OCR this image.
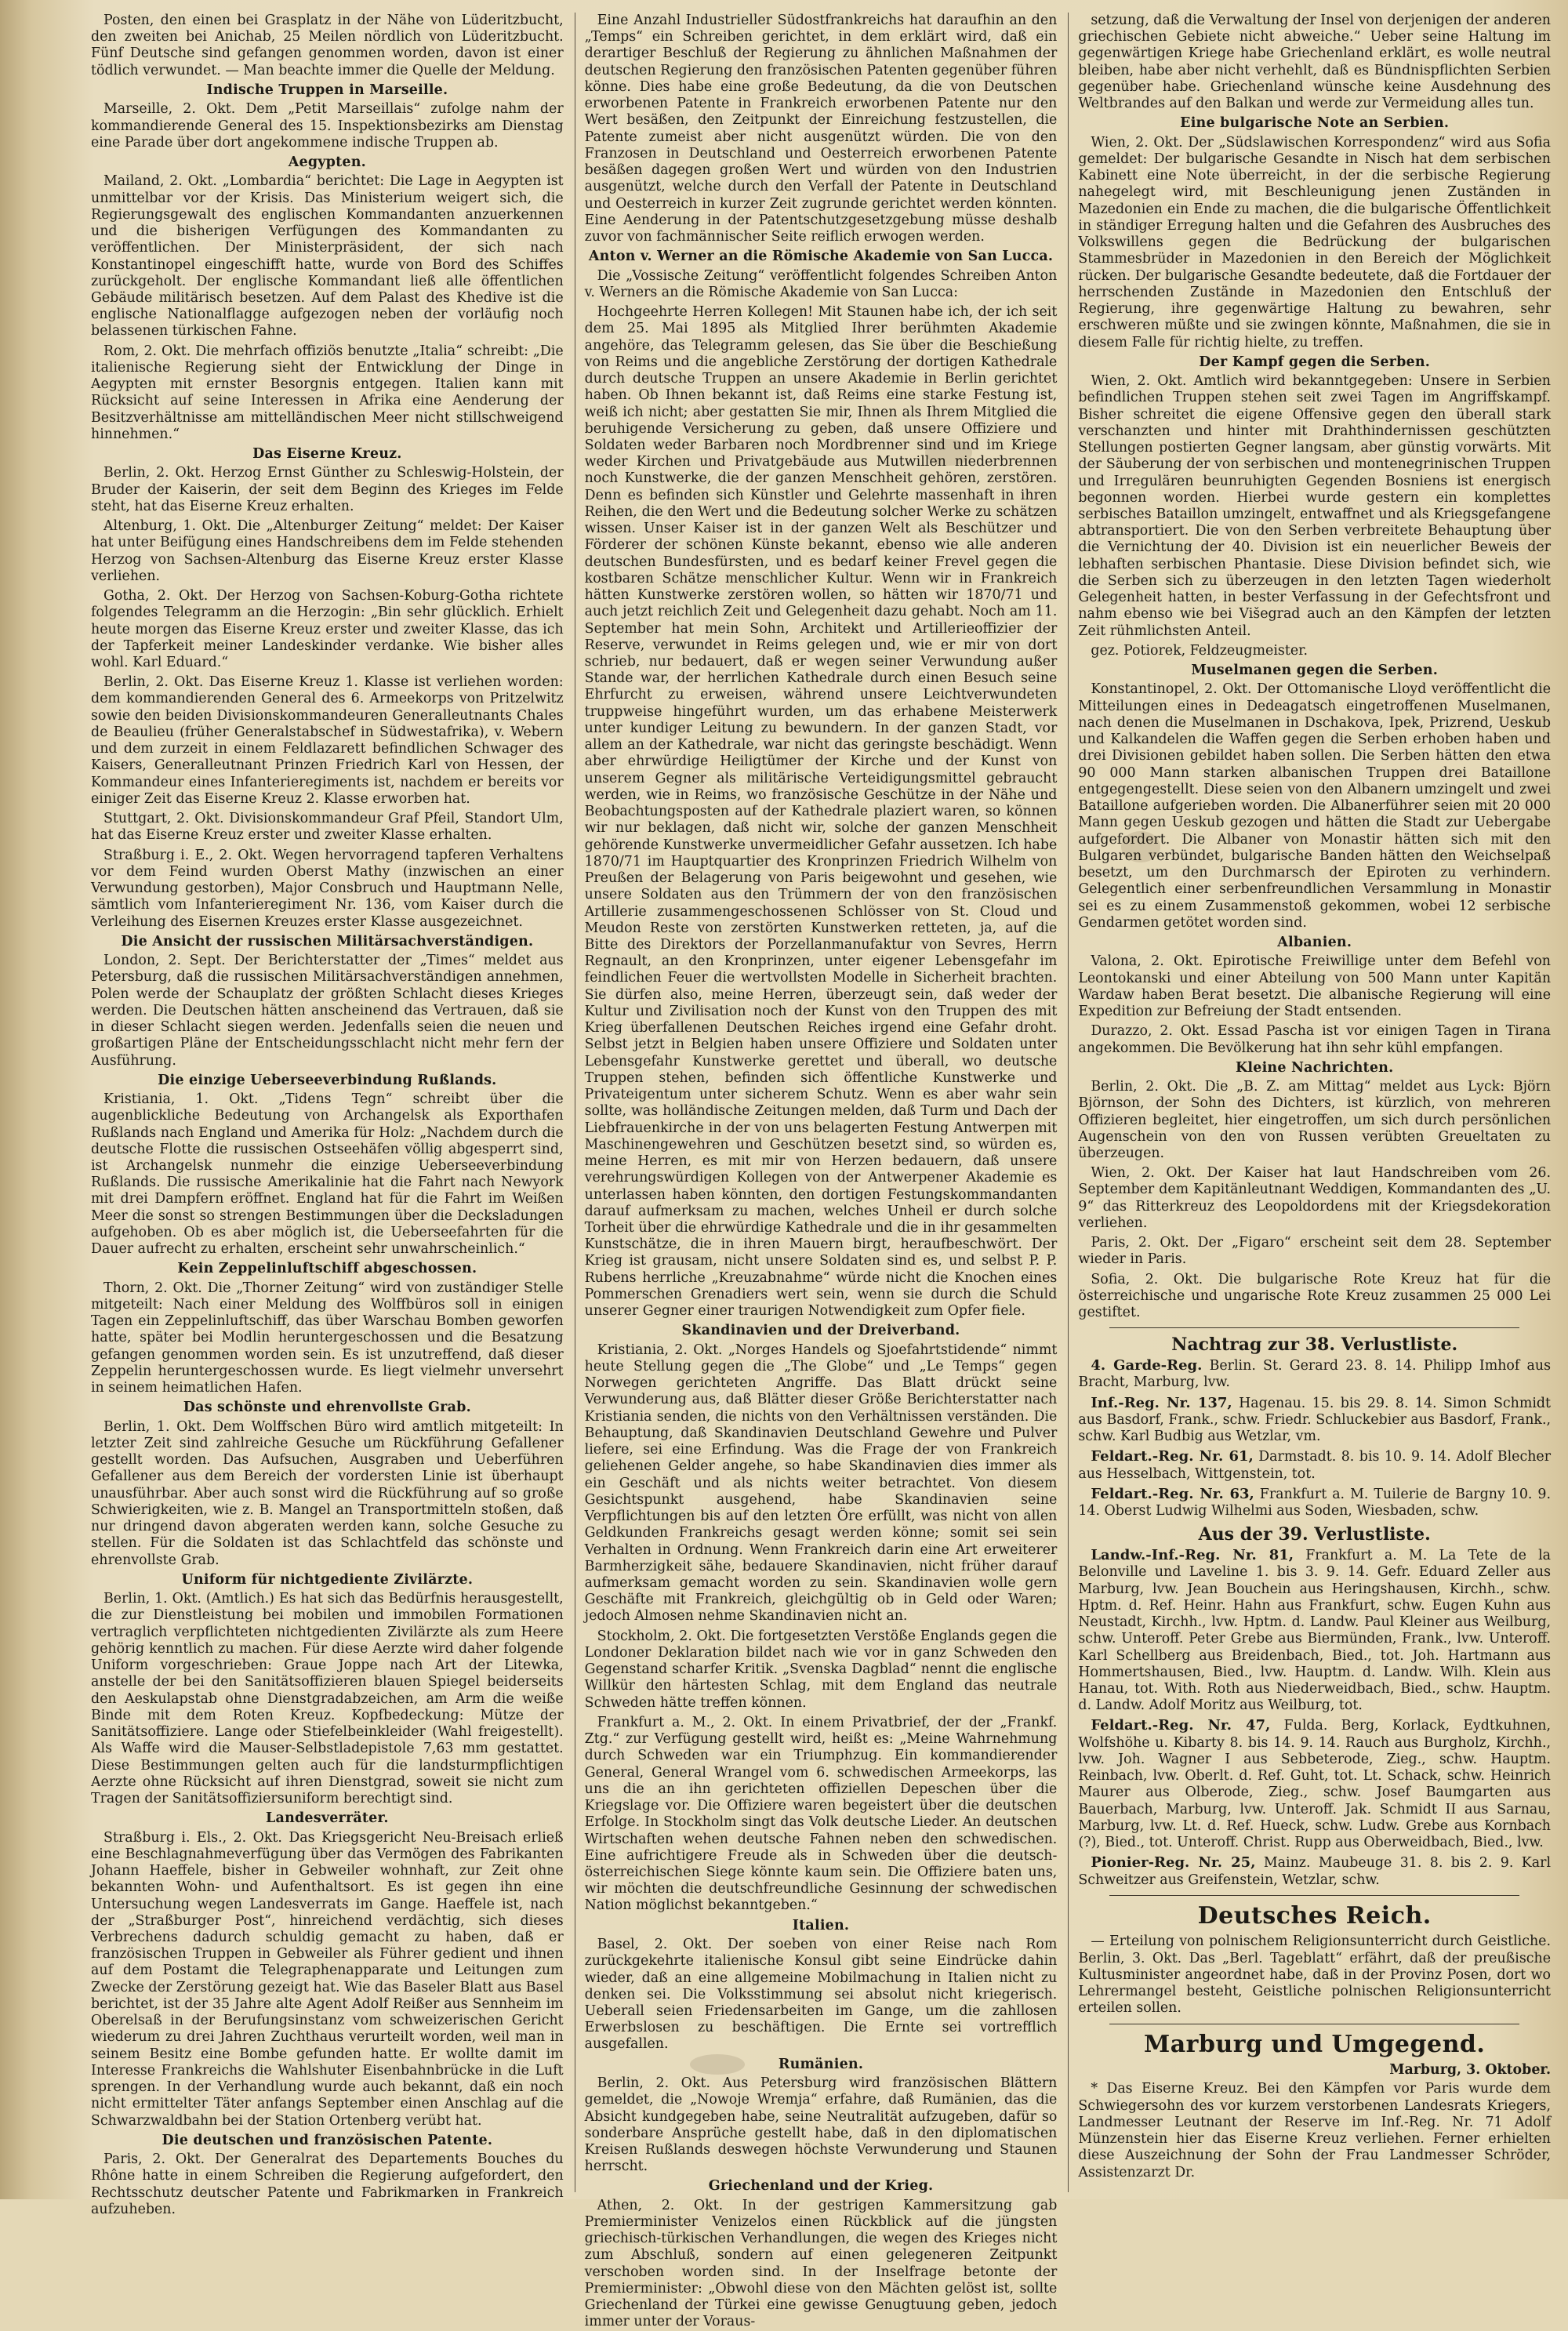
Posten, den einen bei Grasplatz in der Nähe von Lüderitzbucht, den zweiten bei Anichab, 25 Meilen nördlich von Lüderitzbucht. Fünf Deutsche sind gefangen genommen worden, davon ist einer tödlich verwundet. — Man beachte immer die Quelle der Meldung.

Indische Truppen in Marseille.

Marseille, 2. Okt. Dem „Petit Marseillais“ zufolge nahm der kommandierende General des 15. Inspektionsbezirks am Dienstag eine Parade über dort angekommene indische Truppen ab.

Aegypten.

Mailand, 2. Okt. „Lombardia“ berichtet: Die Lage in Aegypten ist unmittelbar vor der Krisis. Das Ministerium weigert sich, die Regierungsgewalt des englischen Kommandanten anzuerkennen und die bisherigen Verfügungen des Kommandanten zu veröffentlichen. Der Ministerpräsident, der sich nach Konstantinopel eingeschifft hatte, wurde von Bord des Schiffes zurückgeholt. Der englische Kommandant ließ alle öffentlichen Gebäude militärisch besetzen. Auf dem Palast des Khedive ist die englische Nationalflagge aufgezogen neben der vorläufig noch belassenen türkischen Fahne.

Rom, 2. Okt. Die mehrfach offiziös benutzte „Italia“ schreibt: „Die italienische Regierung sieht der Entwicklung der Dinge in Aegypten mit ernster Besorgnis entgegen. Italien kann mit Rücksicht auf seine Interessen in Afrika eine Aenderung der Besitzverhältnisse am mittelländischen Meer nicht stillschweigend hinnehmen.“

Das Eiserne Kreuz.

Berlin, 2. Okt. Herzog Ernst Günther zu Schleswig-Holstein, der Bruder der Kaiserin, der seit dem Beginn des Krieges im Felde steht, hat das Eiserne Kreuz erhalten.

Altenburg, 1. Okt. Die „Altenburger Zeitung“ meldet: Der Kaiser hat unter Beifügung eines Handschreibens dem im Felde stehenden Herzog von Sachsen-Altenburg das Eiserne Kreuz erster Klasse verliehen.

Gotha, 2. Okt. Der Herzog von Sachsen-Koburg-Gotha richtete folgendes Telegramm an die Herzogin: „Bin sehr glücklich. Erhielt heute morgen das Eiserne Kreuz erster und zweiter Klasse, das ich der Tapferkeit meiner Landeskinder verdanke. Wie bisher alles wohl. Karl Eduard.“

Berlin, 2. Okt. Das Eiserne Kreuz 1. Klasse ist verliehen worden: dem kommandierenden General des 6. Armeekorps von Pritzelwitz sowie den beiden Divisionskommandeuren Generalleutnants Chales de Beaulieu (früher Generalstabschef in Südwestafrika), v. Webern und dem zurzeit in einem Feldlazarett befindlichen Schwager des Kaisers, Generalleutnant Prinzen Friedrich Karl von Hessen, der Kommandeur eines Infanterieregiments ist, nachdem er bereits vor einiger Zeit das Eiserne Kreuz 2. Klasse erworben hat.

Stuttgart, 2. Okt. Divisionskommandeur Graf Pfeil, Standort Ulm, hat das Eiserne Kreuz erster und zweiter Klasse erhalten.

Straßburg i. E., 2. Okt. Wegen hervorragend tapferen Verhaltens vor dem Feind wurden Oberst Mathy (inzwischen an einer Verwundung gestorben), Major Consbruch und Hauptmann Nelle, sämtlich vom Infanterieregiment Nr. 136, vom Kaiser durch die Verleihung des Eisernen Kreuzes erster Klasse ausgezeichnet.

Die Ansicht der russischen Militärsachverständigen.

London, 2. Sept. Der Berichterstatter der „Times“ meldet aus Petersburg, daß die russischen Militärsachverständigen annehmen, Polen werde der Schauplatz der größten Schlacht dieses Krieges werden. Die Deutschen hätten anscheinend das Vertrauen, daß sie in dieser Schlacht siegen werden. Jedenfalls seien die neuen und großartigen Pläne der Entscheidungsschlacht nicht mehr fern der Ausführung.

Die einzige Ueberseeverbindung Rußlands.

Kristiania, 1. Okt. „Tidens Tegn“ schreibt über die augenblickliche Bedeutung von Archangelsk als Exporthafen Rußlands nach England und Amerika für Holz: „Nachdem durch die deutsche Flotte die russischen Ostseehäfen völlig abgesperrt sind, ist Archangelsk nunmehr die einzige Ueberseeverbindung Rußlands. Die russische Amerikalinie hat die Fahrt nach Newyork mit drei Dampfern eröffnet. England hat für die Fahrt im Weißen Meer die sonst so strengen Bestimmungen über die Decksladungen aufgehoben. Ob es aber möglich ist, die Ueberseefahrten für die Dauer aufrecht zu erhalten, erscheint sehr unwahrscheinlich.“

Kein Zeppelinluftschiff abgeschossen.

Thorn, 2. Okt. Die „Thorner Zeitung“ wird von zuständiger Stelle mitgeteilt: Nach einer Meldung des Wolffbüros soll in einigen Tagen ein Zeppelinluftschiff, das über Warschau Bomben geworfen hatte, später bei Modlin heruntergeschossen und die Besatzung gefangen genommen worden sein. Es ist unzutreffend, daß dieser Zeppelin heruntergeschossen wurde. Es liegt vielmehr unversehrt in seinem heimatlichen Hafen.

Das schönste und ehrenvollste Grab.

Berlin, 1. Okt. Dem Wolffschen Büro wird amtlich mitgeteilt: In letzter Zeit sind zahlreiche Gesuche um Rückführung Gefallener gestellt worden. Das Aufsuchen, Ausgraben und Ueberführen Gefallener aus dem Bereich der vordersten Linie ist überhaupt unausführbar. Aber auch sonst wird die Rückführung auf so große Schwierigkeiten, wie z. B. Mangel an Transportmitteln stoßen, daß nur dringend davon abgeraten werden kann, solche Gesuche zu stellen. Für die Soldaten ist das Schlachtfeld das schönste und ehrenvollste Grab.

Uniform für nichtgediente Zivilärzte.

Berlin, 1. Okt. (Amtlich.) Es hat sich das Bedürfnis herausgestellt, die zur Dienstleistung bei mobilen und immobilen Formationen vertraglich verpflichteten nichtgedienten Zivilärzte als zum Heere gehörig kenntlich zu machen. Für diese Aerzte wird daher folgende Uniform vorgeschrieben: Graue Joppe nach Art der Litewka, anstelle der bei den Sanitätsoffizieren blauen Spiegel beiderseits den Aeskulapstab ohne Dienstgradabzeichen, am Arm die weiße Binde mit dem Roten Kreuz. Kopfbedeckung: Mütze der Sanitätsoffiziere. Lange oder Stiefelbeinkleider (Wahl freigestellt). Als Waffe wird die Mauser-Selbstladepistole 7,63 mm gestattet. Diese Bestimmungen gelten auch für die landsturmpflichtigen Aerzte ohne Rücksicht auf ihren Dienstgrad, soweit sie nicht zum Tragen der Sanitätsoffiziersuniform berechtigt sind.

Landesverräter.

Straßburg i. Els., 2. Okt. Das Kriegsgericht Neu-Breisach erließ eine Beschlagnahmeverfügung über das Vermögen des Fabrikanten Johann Haeffele, bisher in Gebweiler wohnhaft, zur Zeit ohne bekannten Wohn- und Aufenthaltsort. Es ist gegen ihn eine Untersuchung wegen Landesverrats im Gange. Haeffele ist, nach der „Straßburger Post“, hinreichend verdächtig, sich dieses Verbrechens dadurch schuldig gemacht zu haben, daß er französischen Truppen in Gebweiler als Führer gedient und ihnen auf dem Postamt die Telegraphenapparate und Leitungen zum Zwecke der Zerstörung gezeigt hat. Wie das Baseler Blatt aus Basel berichtet, ist der 35 Jahre alte Agent Adolf Reißer aus Sennheim im Oberelsaß in der Berufungsinstanz vom schweizerischen Gericht wiederum zu drei Jahren Zuchthaus verurteilt worden, weil man in seinem Besitz eine Bombe gefunden hatte. Er wollte damit im Interesse Frankreichs die Wahlshuter Eisenbahnbrücke in die Luft sprengen. In der Verhandlung wurde auch bekannt, daß ein noch nicht ermittelter Täter anfangs September einen Anschlag auf die Schwarzwaldbahn bei der Station Ortenberg verübt hat.

Die deutschen und französischen Patente.

Paris, 2. Okt. Der Generalrat des Departements Bouches du Rhône hatte in einem Schreiben die Regierung aufgefordert, den Rechtsschutz deutscher Patente und Fabrikmarken in Frankreich aufzuheben.

Eine Anzahl Industrieller Südostfrankreichs hat daraufhin an den „Temps“ ein Schreiben gerichtet, in dem erklärt wird, daß ein derartiger Beschluß der Regierung zu ähnlichen Maßnahmen der deutschen Regierung den französischen Patenten gegenüber führen könne. Dies habe eine große Bedeutung, da die von Deutschen erworbenen Patente in Frankreich erworbenen Patente nur den Wert besäßen, den Zeitpunkt der Einreichung festzustellen, die Patente zumeist aber nicht ausgenützt würden. Die von den Franzosen in Deutschland und Oesterreich erworbenen Patente besäßen dagegen großen Wert und würden von den Industrien ausgenützt, welche durch den Verfall der Patente in Deutschland und Oesterreich in kurzer Zeit zugrunde gerichtet werden könnten. Eine Aenderung in der Patentschutzgesetzgebung müsse deshalb zuvor von fachmännischer Seite reiflich erwogen werden.

Anton v. Werner an die Römische Akademie von San Lucca.

Die „Vossische Zeitung“ veröffentlicht folgendes Schreiben Anton v. Werners an die Römische Akademie von San Lucca:

Hochgeehrte Herren Kollegen! Mit Staunen habe ich, der ich seit dem 25. Mai 1895 als Mitglied Ihrer berühmten Akademie angehöre, das Telegramm gelesen, das Sie über die Beschießung von Reims und die angebliche Zerstörung der dortigen Kathedrale durch deutsche Truppen an unsere Akademie in Berlin gerichtet haben. Ob Ihnen bekannt ist, daß Reims eine starke Festung ist, weiß ich nicht; aber gestatten Sie mir, Ihnen als Ihrem Mitglied die beruhigende Versicherung zu geben, daß unsere Offiziere und Soldaten weder Barbaren noch Mordbrenner sind und im Kriege weder Kirchen und Privatgebäude aus Mutwillen niederbrennen noch Kunstwerke, die der ganzen Menschheit gehören, zerstören. Denn es befinden sich Künstler und Gelehrte massenhaft in ihren Reihen, die den Wert und die Bedeutung solcher Werke zu schätzen wissen. Unser Kaiser ist in der ganzen Welt als Beschützer und Förderer der schönen Künste bekannt, ebenso wie alle anderen deutschen Bundesfürsten, und es bedarf keiner Frevel gegen die kostbaren Schätze menschlicher Kultur. Wenn wir in Frankreich hätten Kunstwerke zerstören wollen, so hätten wir 1870/71 und auch jetzt reichlich Zeit und Gelegenheit dazu gehabt. Noch am 11. September hat mein Sohn, Architekt und Artillerieoffizier der Reserve, verwundet in Reims gelegen und, wie er mir von dort schrieb, nur bedauert, daß er wegen seiner Verwundung außer Stande war, der herrlichen Kathedrale durch einen Besuch seine Ehrfurcht zu erweisen, während unsere Leichtverwundeten truppweise hingeführt wurden, um das erhabene Meisterwerk unter kundiger Leitung zu bewundern. In der ganzen Stadt, vor allem an der Kathedrale, war nicht das geringste beschädigt. Wenn aber ehrwürdige Heiligtümer der Kirche und der Kunst von unserem Gegner als militärische Verteidigungsmittel gebraucht werden, wie in Reims, wo französische Geschütze in der Nähe und Beobachtungsposten auf der Kathedrale plaziert waren, so können wir nur beklagen, daß nicht wir, solche der ganzen Menschheit gehörende Kunstwerke unvermeidlicher Gefahr aussetzen. Ich habe 1870/71 im Hauptquartier des Kronprinzen Friedrich Wilhelm von Preußen der Belagerung von Paris beigewohnt und gesehen, wie unsere Soldaten aus den Trümmern der von den französischen Artillerie zusammengeschossenen Schlösser von St. Cloud und Meudon Reste von zerstörten Kunstwerken retteten, ja, auf die Bitte des Direktors der Porzellanmanufaktur von Sevres, Herrn Regnault, an den Kronprinzen, unter eigener Lebensgefahr im feindlichen Feuer die wertvollsten Modelle in Sicherheit brachten. Sie dürfen also, meine Herren, überzeugt sein, daß weder der Kultur und Zivilisation noch der Kunst von den Truppen des mit Krieg überfallenen Deutschen Reiches irgend eine Gefahr droht. Selbst jetzt in Belgien haben unsere Offiziere und Soldaten unter Lebensgefahr Kunstwerke gerettet und überall, wo deutsche Truppen stehen, befinden sich öffentliche Kunstwerke und Privateigentum unter sicherem Schutz. Wenn es aber wahr sein sollte, was holländische Zeitungen melden, daß Turm und Dach der Liebfrauenkirche in der von uns belagerten Festung Antwerpen mit Maschinengewehren und Geschützen besetzt sind, so würden es, meine Herren, es mit mir von Herzen bedauern, daß unsere verehrungswürdigen Kollegen von der Antwerpener Akademie es unterlassen haben könnten, den dortigen Festungskommandanten darauf aufmerksam zu machen, welches Unheil er durch solche Torheit über die ehrwürdige Kathedrale und die in ihr gesammelten Kunstschätze, die in ihren Mauern birgt, heraufbeschwört. Der Krieg ist grausam, nicht unsere Soldaten sind es, und selbst P. P. Rubens herrliche „Kreuzabnahme“ würde nicht die Knochen eines Pommerschen Grenadiers wert sein, wenn sie durch die Schuld unserer Gegner einer traurigen Notwendigkeit zum Opfer fiele.

Skandinavien und der Dreiverband.

Kristiania, 2. Okt. „Norges Handels og Sjoefahrtstidende“ nimmt heute Stellung gegen die „The Globe“ und „Le Temps“ gegen Norwegen gerichteten Angriffe. Das Blatt drückt seine Verwunderung aus, daß Blätter dieser Größe Berichterstatter nach Kristiania senden, die nichts von den Verhältnissen verständen. Die Behauptung, daß Skandinavien Deutschland Gewehre und Pulver liefere, sei eine Erfindung. Was die Frage der von Frankreich geliehenen Gelder angehe, so habe Skandinavien dies immer als ein Geschäft und als nichts weiter betrachtet. Von diesem Gesichtspunkt ausgehend, habe Skandinavien seine Verpflichtungen bis auf den letzten Öre erfüllt, was nicht von allen Geldkunden Frankreichs gesagt werden könne; somit sei sein Verhalten in Ordnung. Wenn Frankreich darin eine Art erweiterer Barmherzigkeit sähe, bedauere Skandinavien, nicht früher darauf aufmerksam gemacht worden zu sein. Skandinavien wolle gern Geschäfte mit Frankreich, gleichgültig ob in Geld oder Waren; jedoch Almosen nehme Skandinavien nicht an.

Stockholm, 2. Okt. Die fortgesetzten Verstöße Englands gegen die Londoner Deklaration bildet nach wie vor in ganz Schweden den Gegenstand scharfer Kritik. „Svenska Dagblad“ nennt die englische Willkür den härtesten Schlag, mit dem England das neutrale Schweden hätte treffen können.

Frankfurt a. M., 2. Okt. In einem Privatbrief, der der „Frankf. Ztg.“ zur Verfügung gestellt wird, heißt es: „Meine Wahrnehmung durch Schweden war ein Triumphzug. Ein kommandierender General, General Wrangel vom 6. schwedischen Armeekorps, las uns die an ihn gerichteten offiziellen Depeschen über die Kriegslage vor. Die Offiziere waren begeistert über die deutschen Erfolge. In Stockholm singt das Volk deutsche Lieder. An deutschen Wirtschaften wehen deutsche Fahnen neben den schwedischen. Eine aufrichtigere Freude als in Schweden über die deutsch-österreichischen Siege könnte kaum sein. Die Offiziere baten uns, wir möchten die deutschfreundliche Gesinnung der schwedischen Nation möglichst bekanntgeben.“

Italien.

Basel, 2. Okt. Der soeben von einer Reise nach Rom zurückgekehrte italienische Konsul gibt seine Eindrücke dahin wieder, daß an eine allgemeine Mobilmachung in Italien nicht zu denken sei. Die Volksstimmung sei absolut nicht kriegerisch. Ueberall seien Friedensarbeiten im Gange, um die zahllosen Erwerbslosen zu beschäftigen. Die Ernte sei vortrefflich ausgefallen.

Rumänien.

Berlin, 2. Okt. Aus Petersburg wird französischen Blättern gemeldet, die „Nowoje Wremja“ erfahre, daß Rumänien, das die Absicht kundgegeben habe, seine Neutralität aufzugeben, dafür so sonderbare Ansprüche gestellt habe, daß in den diplomatischen Kreisen Rußlands deswegen höchste Verwunderung und Staunen herrscht.

Griechenland und der Krieg.

Athen, 2. Okt. In der gestrigen Kammersitzung gab Premierminister Venizelos einen Rückblick auf die jüngsten griechisch-türkischen Verhandlungen, die wegen des Krieges nicht zum Abschluß, sondern auf einen gelegeneren Zeitpunkt verschoben worden sind. In der Inselfrage betonte der Premierminister: „Obwohl diese von den Mächten gelöst ist, sollte Griechenland der Türkei eine gewisse Genugtuung geben, jedoch immer unter der Voraus-

setzung, daß die Verwaltung der Insel von derjenigen der anderen griechischen Gebiete nicht abweiche.“ Ueber seine Haltung im gegenwärtigen Kriege habe Griechenland erklärt, es wolle neutral bleiben, habe aber nicht verhehlt, daß es Bündnispflichten Serbien gegenüber habe. Griechenland wünsche keine Ausdehnung des Weltbrandes auf den Balkan und werde zur Vermeidung alles tun.

Eine bulgarische Note an Serbien.

Wien, 2. Okt. Der „Südslawischen Korrespondenz“ wird aus Sofia gemeldet: Der bulgarische Gesandte in Nisch hat dem serbischen Kabinett eine Note überreicht, in der die serbische Regierung nahegelegt wird, mit Beschleunigung jenen Zuständen in Mazedonien ein Ende zu machen, die die bulgarische Öffentlichkeit in ständiger Erregung halten und die Gefahren des Ausbruches des Volkswillens gegen die Bedrückung der bulgarischen Stammesbrüder in Mazedonien in den Bereich der Möglichkeit rücken. Der bulgarische Gesandte bedeutete, daß die Fortdauer der herrschenden Zustände in Mazedonien den Entschluß der Regierung, ihre gegenwärtige Haltung zu bewahren, sehr erschweren müßte und sie zwingen könnte, Maßnahmen, die sie in diesem Falle für richtig hielte, zu treffen.

Der Kampf gegen die Serben.

Wien, 2. Okt. Amtlich wird bekanntgegeben: Unsere in Serbien befindlichen Truppen stehen seit zwei Tagen im Angriffskampf. Bisher schreitet die eigene Offensive gegen den überall stark verschanzten und hinter mit Drahthindernissen geschützten Stellungen postierten Gegner langsam, aber günstig vorwärts. Mit der Säuberung der von serbischen und montenegrinischen Truppen und Irregulären beunruhigten Gegenden Bosniens ist energisch begonnen worden. Hierbei wurde gestern ein komplettes serbisches Bataillon umzingelt, entwaffnet und als Kriegsgefangene abtransportiert. Die von den Serben verbreitete Behauptung über die Vernichtung der 40. Division ist ein neuerlicher Beweis der lebhaften serbischen Phantasie. Diese Division befindet sich, wie die Serben sich zu überzeugen in den letzten Tagen wiederholt Gelegenheit hatten, in bester Verfassung in der Gefechtsfront und nahm ebenso wie bei Višegrad auch an den Kämpfen der letzten Zeit rühmlichsten Anteil.

gez. Potiorek, Feldzeugmeister.

Muselmanen gegen die Serben.

Konstantinopel, 2. Okt. Der Ottomanische Lloyd veröffentlicht die Mitteilungen eines in Dedeagatsch eingetroffenen Muselmanen, nach denen die Muselmanen in Dschakova, Ipek, Prizrend, Ueskub und Kalkandelen die Waffen gegen die Serben erhoben haben und drei Divisionen gebildet haben sollen. Die Serben hätten den etwa 90 000 Mann starken albanischen Truppen drei Bataillone entgegengestellt. Diese seien von den Albanern umzingelt und zwei Bataillone aufgerieben worden. Die Albanerführer seien mit 20 000 Mann gegen Ueskub gezogen und hätten die Stadt zur Uebergabe aufgefordert. Die Albaner von Monastir hätten sich mit den Bulgaren verbündet, bulgarische Banden hätten den Weichselpaß besetzt, um den Durchmarsch der Epiroten zu verhindern. Gelegentlich einer serbenfreundlichen Versammlung in Monastir sei es zu einem Zusammenstoß gekommen, wobei 12 serbische Gendarmen getötet worden sind.

Albanien.

Valona, 2. Okt. Epirotische Freiwillige unter dem Befehl von Leontokanski und einer Abteilung von 500 Mann unter Kapitän Wardaw haben Berat besetzt. Die albanische Regierung will eine Expedition zur Befreiung der Stadt entsenden.

Durazzo, 2. Okt. Essad Pascha ist vor einigen Tagen in Tirana angekommen. Die Bevölkerung hat ihn sehr kühl empfangen.

Kleine Nachrichten.

Berlin, 2. Okt. Die „B. Z. am Mittag“ meldet aus Lyck: Björn Björnson, der Sohn des Dichters, ist kürzlich, von mehreren Offizieren begleitet, hier eingetroffen, um sich durch persönlichen Augenschein von den von Russen verübten Greueltaten zu überzeugen.

Wien, 2. Okt. Der Kaiser hat laut Handschreiben vom 26. September dem Kapitänleutnant Weddigen, Kommandanten des „U. 9“ das Ritterkreuz des Leopoldordens mit der Kriegsdekoration verliehen.

Paris, 2. Okt. Der „Figaro“ erscheint seit dem 28. September wieder in Paris.

Sofia, 2. Okt. Die bulgarische Rote Kreuz hat für die österreichische und ungarische Rote Kreuz zusammen 25 000 Lei gestiftet.

Nachtrag zur 38. Verlustliste.

4. Garde-Reg. Berlin. St. Gerard 23. 8. 14. Philipp Imhof aus Bracht, Marburg, lvw.

Inf.-Reg. Nr. 137, Hagenau. 15. bis 29. 8. 14. Simon Schmidt aus Basdorf, Frank., schw. Friedr. Schluckebier aus Basdorf, Frank., schw. Karl Budbig aus Wetzlar, vm.

Feldart.-Reg. Nr. 61, Darmstadt. 8. bis 10. 9. 14. Adolf Blecher aus Hesselbach, Wittgenstein, tot.

Feldart.-Reg. Nr. 63, Frankfurt a. M. Tuilerie de Bargny 10. 9. 14. Oberst Ludwig Wilhelmi aus Soden, Wiesbaden, schw.

Aus der 39. Verlustliste.

Landw.-Inf.-Reg. Nr. 81, Frankfurt a. M. La Tete de la Belonville und Laveline 1. bis 3. 9. 14. Gefr. Eduard Zeller aus Marburg, lvw. Jean Bouchein aus Heringshausen, Kirchh., schw. Hptm. d. Ref. Heinr. Hahn aus Frankfurt, schw. Eugen Kuhn aus Neustadt, Kirchh., lvw. Hptm. d. Landw. Paul Kleiner aus Weilburg, schw. Unteroff. Peter Grebe aus Biermünden, Frank., lvw. Unteroff. Karl Schellberg aus Breidenbach, Bied., tot. Joh. Hartmann aus Hommertshausen, Bied., lvw. Hauptm. d. Landw. Wilh. Klein aus Hanau, tot. With. Roth aus Niederweidbach, Bied., schw. Hauptm. d. Landw. Adolf Moritz aus Weilburg, tot.

Feldart.-Reg. Nr. 47, Fulda. Berg, Korlack, Eydtkuhnen, Wolfshöhe u. Kibarty 8. bis 14. 9. 14. Rauch aus Burgholz, Kirchh., lvw. Joh. Wagner I aus Sebbeterode, Zieg., schw. Hauptm. Reinbach, lvw. Oberlt. d. Ref. Guht, tot. Lt. Schack, schw. Heinrich Maurer aus Olberode, Zieg., schw. Josef Baumgarten aus Bauerbach, Marburg, lvw. Unteroff. Jak. Schmidt II aus Sarnau, Marburg, lvw. Lt. d. Ref. Hueck, schw. Ludw. Grebe aus Kornbach (?), Bied., tot. Unteroff. Christ. Rupp aus Oberweidbach, Bied., lvw.

Pionier-Reg. Nr. 25, Mainz. Maubeuge 31. 8. bis 2. 9. Karl Schweitzer aus Greifenstein, Wetzlar, schw.

Deutsches Reich.

— Erteilung von polnischem Religionsunterricht durch Geistliche. Berlin, 3. Okt. Das „Berl. Tageblatt“ erfährt, daß der preußische Kultusminister angeordnet habe, daß in der Provinz Posen, dort wo Lehrermangel besteht, Geistliche polnischen Religionsunterricht erteilen sollen.

Marburg und Umgegend.
Marburg, 3. Oktober.

* Das Eiserne Kreuz. Bei den Kämpfen vor Paris wurde dem Schwiegersohn des vor kurzem verstorbenen Landesrats Kriegers, Landmesser Leutnant der Reserve im Inf.-Reg. Nr. 71 Adolf Münzenstein hier das Eiserne Kreuz verliehen. Ferner erhielten diese Auszeichnung der Sohn der Frau Landmesser Schröder, Assistenzarzt Dr.
